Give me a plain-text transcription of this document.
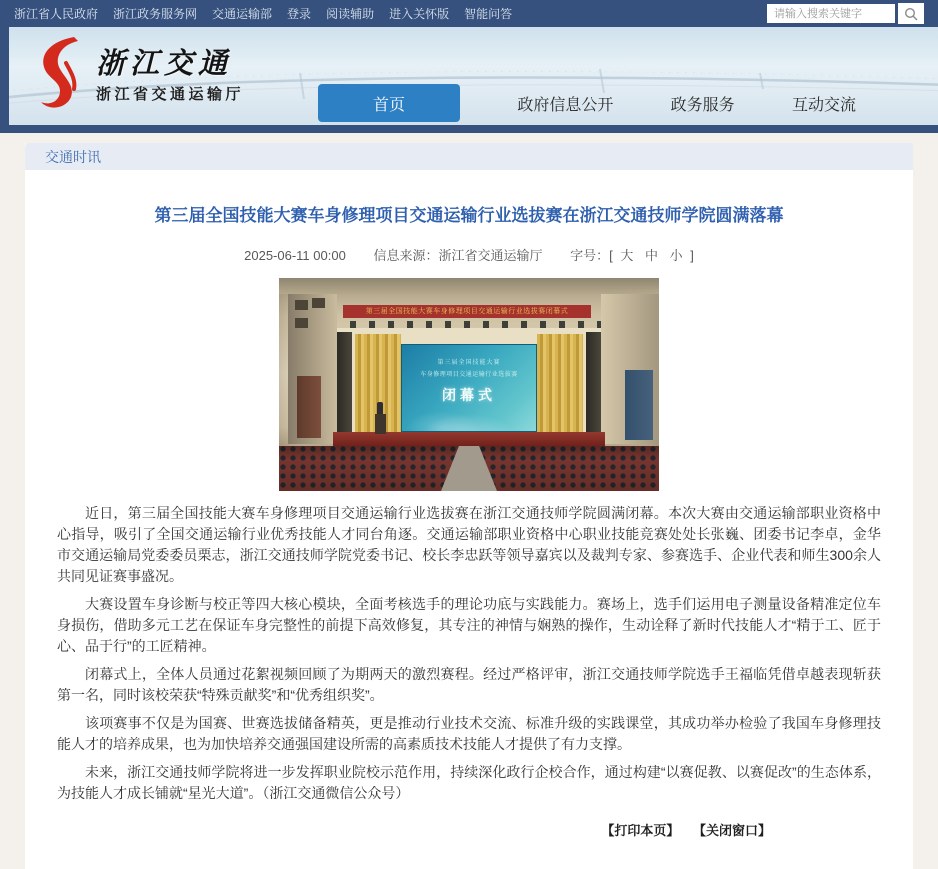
浙江省人民政府 浙江政务服务网 交通运输部 登录 阅读辅助 进入关怀版 智能问答
请输入搜索关键字
浙江交通
浙江省交通运输厅
首页	政府信息公开	政务服务	互动交流
交通时讯
第三届全国技能大赛车身修理项目交通运输行业选拔赛在浙江交通技师学院圆满落幕
2025-06-11 00:00 信息来源：浙江省交通运输厅 字号：[ 大 中 小 ]
第三届全国技能大赛车身修理项目交通运输行业选拔赛闭幕式
第三届全国技能大赛
车身修理项目交通运输行业选拔赛
闭幕式

近日，第三届全国技能大赛车身修理项目交通运输行业选拔赛在浙江交通技师学院圆满闭幕。本次大赛由交通运输部职业资格中心指导，吸引了全国交通运输行业优秀技能人才同台角逐。交通运输部职业资格中心职业技能竞赛处处长张巍、团委书记李卓，金华市交通运输局党委委员栗志，浙江交通技师学院党委书记、校长李忠跃等领导嘉宾以及裁判专家、参赛选手、企业代表和师生300余人共同见证赛事盛况。

大赛设置车身诊断与校正等四大核心模块，全面考核选手的理论功底与实践能力。赛场上，选手们运用电子测量设备精准定位车身损伤，借助多元工艺在保证车身完整性的前提下高效修复，其专注的神情与娴熟的操作，生动诠释了新时代技能人才“精于工、匠于心、品于行”的工匠精神。

闭幕式上，全体人员通过花絮视频回顾了为期两天的激烈赛程。经过严格评审，浙江交通技师学院选手王福临凭借卓越表现斩获第一名，同时该校荣获“特殊贡献奖”和“优秀组织奖”。

该项赛事不仅是为国赛、世赛选拔储备精英，更是推动行业技术交流、标准升级的实践课堂，其成功举办检验了我国车身修理技能人才的培养成果，也为加快培养交通强国建设所需的高素质技术技能人才提供了有力支撑。

未来，浙江交通技师学院将进一步发挥职业院校示范作用，持续深化政行企校合作，通过构建“以赛促教、以赛促改”的生态体系，为技能人才成长铺就“星光大道”。（浙江交通微信公众号）

【打印本页】 【关闭窗口】
